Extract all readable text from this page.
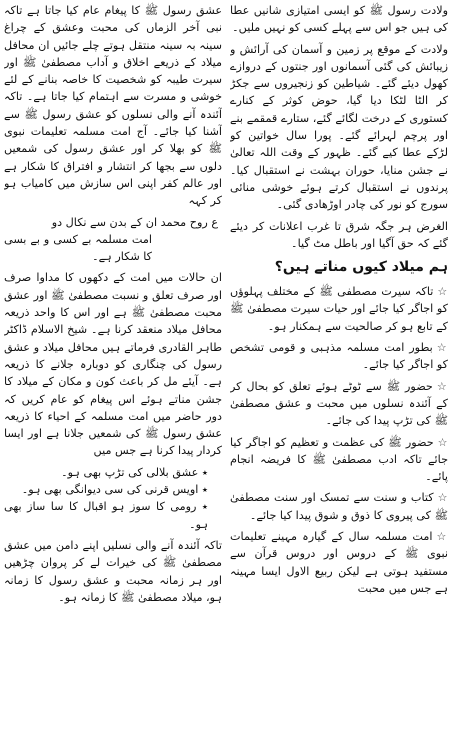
ولادت رسول ﷺ کو ایسی امتیازی شانیں عطا کی ہیں جو اس سے پہلے کسی کو نہیں ملیں۔

ولادت کے موقع پر زمین و آسمان کی آرائش و زیبائش کی گئی آسمانوں اور جنتوں کے دروازے کھول دیئے گئے۔ شیاطین کو زنجیروں سے جکڑ کر الٹا لٹکا دیا گیا، حوض کوثر کے کنارے کستوری کے درخت لگائے گئے، ستارے قمقمے بنے اور پرچم لہرائے گئے۔ پورا سال خواتین کو لڑکے عطا کیے گئے۔ ظہور کے وقت اللہ تعالیٰ نے جشن منایا، حوران بہشت نے استقبال کیا۔ پرندوں نے استقبال کرتے ہوئے خوشی منائی سورج کو نور کی چادر اوڑھادی گئی۔

الغرض ہر جگہ شرق تا غرب اعلانات کر دیئے گئے کہ حق آگیا اور باطل مٹ گیا۔

ہم میلاد کیوں مناتے ہیں؟

☆تاکہ سیرت مصطفی ﷺ کے مختلف پہلوؤں کو اجاگر کیا جائے اور حیات سیرت مصطفیٰ ﷺ کے تابع ہو کر صالحیت سے ہمکنار ہو۔

☆بطور امت مسلمہ مذہبی و قومی تشخص کو اجاگر کیا جائے۔

☆حضور ﷺ سے ٹوٹے ہوئے تعلق کو بحال کر کے آئندہ نسلوں میں محبت و عشق مصطفیٰ ﷺ کی تڑپ پیدا کی جائے۔

☆حضور ﷺ کی عظمت و تعظیم کو اجاگر کیا جائے تاکہ ادب مصطفیٰ ﷺ کا فریضہ انجام پائے۔

☆کتاب و سنت سے تمسک اور سنت مصطفیٰ ﷺ کی پیروی کا ذوق و شوق پیدا کیا جائے۔

☆امت مسلمہ سال کے گیارہ مہینے تعلیمات نبوی ﷺ کے دروس اور دروس قرآن سے مستفید ہوتی ہے لیکن ربیع الاول ایسا مہینہ ہے جس میں محبت

عشق رسول ﷺ کا پیغام عام کیا جاتا ہے تاکہ نبی آخر الزماں کی محبت وعشق کے چراغ سینہ بہ سینہ منتقل ہوتے چلے جائیں ان محافل میلاد کے ذریعے اخلاق و آداب مصطفیٰ ﷺ اور سیرت طیبہ کو شخصیت کا خاصہ بنانے کے لئے خوشی و مسرت سے اہتمام کیا جاتا ہے۔ تاکہ آئندہ آنے والی نسلوں کو عشق رسول ﷺ سے آشنا کیا جائے۔ آج امت مسلمہ تعلیمات نبوی ﷺ کو بھلا کر اور عشق رسول کی شمعیں دلوں سے بجھا کر انتشار و افتراق کا شکار ہے اور عالم کفر اپنی اس سازش میں کامیاب ہو کر کہہ

ع روح محمد ان کے بدن سے نکال دو
امت مسلمہ بے کسی و بے بسی کا شکار ہے۔

ان حالات میں امت کے دکھوں کا مداوا صرف اور صرف تعلق و نسبت مصطفیٰ ﷺ اور عشق محبت مصطفیٰ ﷺ ہے اور اس کا واحد ذریعہ محافل میلاد منعقد کرنا ہے۔ شیخ الاسلام ڈاکٹر طاہر القادری فرماتے ہیں محافل میلاد و عشق رسول کی چنگاری کو دوبارہ جلانے کا ذریعہ ہے۔ آیئے مل کر باعث کون و مکان کے میلاد کا جشن مناتے ہوئے اس پیغام کو عام کریں کہ دور حاضر میں امت مسلمہ کے احیاء کا ذریعہ عشق رسول ﷺ کی شمعیں جلانا ہے اور ایسا کردار پیدا کرنا ہے جس میں

٭ عشق بلالی کی تڑپ بھی ہو۔
٭ اویس قرنی کی سی دیوانگی بھی ہو۔
٭ رومی کا سوز ہو اقبال کا سا ساز بھی ہو۔

تاکہ آئندہ آنے والی نسلیں اپنے دامن میں عشق مصطفیٰ ﷺ کی خیرات لے کر پروان چڑھیں اور ہر زمانہ محبت و عشق رسول کا زمانہ ہو، میلاد مصطفیٰ ﷺ کا زمانہ ہو۔
